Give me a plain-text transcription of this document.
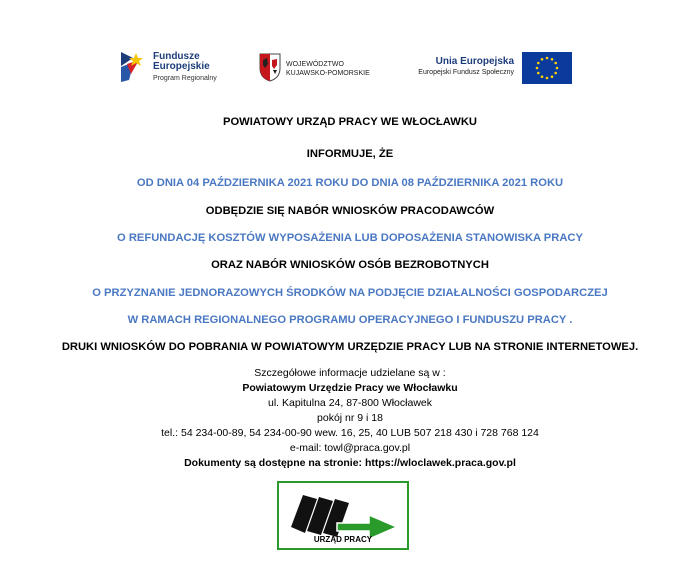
Fundusze
Europejskie
Program Regionalny
WOJEWÓDZTWO
KUJAWSKO-POMORSKIE
Unia Europejska
Europejski Fundusz Społeczny
POWIATOWY URZĄD PRACY WE WŁOCŁAWKU
INFORMUJE, ŻE
OD DNIA 04 PAŹDZIERNIKA 2021 ROKU DO DNIA 08 PAŹDZIERNIKA 2021 ROKU
ODBĘDZIE SIĘ NABÓR WNIOSKÓW PRACODAWCÓW
O REFUNDACJĘ KOSZTÓW WYPOSAŻENIA LUB DOPOSAŻENIA STANOWISKA PRACY
ORAZ NABÓR WNIOSKÓW OSÓB BEZROBOTNYCH
O PRZYZNANIE JEDNORAZOWYCH ŚRODKÓW NA PODJĘCIE DZIAŁALNOŚCI GOSPODARCZEJ
W RAMACH REGIONALNEGO PROGRAMU OPERACYJNEGO I FUNDUSZU PRACY .
DRUKI WNIOSKÓW DO POBRANIA W POWIATOWYM URZĘDZIE PRACY LUB NA STRONIE INTERNETOWEJ.
Szczegółowe informacje udzielane są w :
Powiatowym Urzędzie Pracy we Włocławku
ul. Kapitulna 24, 87-800 Włocławek
pokój nr 9 i 18
tel.: 54 234-00-89, 54 234-00-90 wew. 16, 25, 40 LUB 507 218 430 i 728 768 124
e-mail: towl@praca.gov.pl
Dokumenty są dostępne na stronie: https://wloclawek.praca.gov.pl
URZĄD PRACY
